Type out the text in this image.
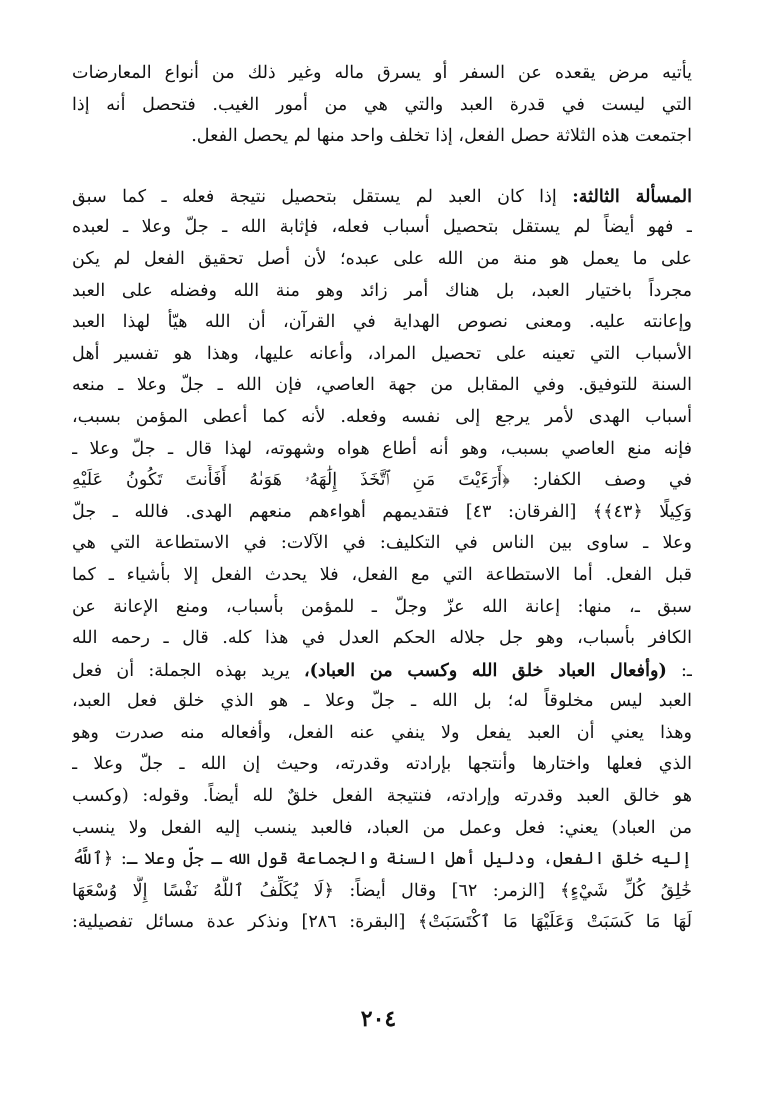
يأتيه مرض يقعده عن السفر أو يسرق ماله وغير ذلك من أنواع المعارضات
التي ليست في قدرة العبد والتي هي من أمور الغيب. فتحصل أنه إذا
اجتمعت هذه الثلاثة حصل الفعل، إذا تخلف واحد منها لم يحصل الفعل.
المسألة الثالثة: إذا كان العبد لم يستقل بتحصيل نتيجة فعله ـ كما سبق
ـ فهو أيضاً لم يستقل بتحصيل أسباب فعله، فإثابة الله ـ جلّ وعلا ـ لعبده
على ما يعمل هو منة من الله على عبده؛ لأن أصل تحقيق الفعل لم يكن
مجرداً باختيار العبد، بل هناك أمر زائد وهو منة الله وفضله على العبد
وإعانته عليه. ومعنى نصوص الهداية في القرآن، أن الله هيّأ لهذا العبد
الأسباب التي تعينه على تحصيل المراد، وأعانه عليها، وهذا هو تفسير أهل
السنة للتوفيق. وفي المقابل من جهة العاصي، فإن الله ـ جلّ وعلا ـ منعه
أسباب الهدى لأمر يرجع إلى نفسه وفعله. لأنه كما أعطى المؤمن بسبب،
فإنه منع العاصي بسبب، وهو أنه أطاع هواه وشهوته، لهذا قال ـ جلّ وعلا ـ
في وصف الكفار: ﴿أَرَءَيْتَ مَنِ ٱتَّخَذَ إِلَٰهَهُۥ هَوَىٰهُ أَفَأَنتَ تَكُونُ عَلَيْهِ
وَكِيلًا ﴿٤٣﴾﴾ [الفرقان: ٤٣] فتقديمهم أهواءهم منعهم الهدى. فالله ـ جلّ
وعلا ـ ساوى بين الناس في التكليف: في الآلات: في الاستطاعة التي هي
قبل الفعل. أما الاستطاعة التي مع الفعل، فلا يحدث الفعل إلا بأشياء ـ كما
سبق ـ، منها: إعانة الله عزّ وجلّ ـ للمؤمن بأسباب، ومنع الإعانة عن
الكافر بأسباب، وهو جل جلاله الحكم العدل في هذا كله. قال ـ رحمه الله
ـ: (وأفعال العباد خلق الله وكسب من العباد)، يريد بهذه الجملة: أن فعل
العبد ليس مخلوقاً له؛ بل الله ـ جلّ وعلا ـ هو الذي خلق فعل العبد،
وهذا يعني أن العبد يفعل ولا ينفي عنه الفعل، وأفعاله منه صدرت وهو
الذي فعلها واختارها وأنتجها بإرادته وقدرته، وحيث إن الله ـ جلّ وعلا ـ
هو خالق العبد وقدرته وإرادته، فنتيجة الفعل خلقٌ لله أيضاً. وقوله: (وكسب
من العباد) يعني: فعل وعمل من العباد، فالعبد ينسب إليه الفعل ولا ينسب
إليه خلق الفعل، ودليل أهل السنة والجماعة قول الله ـ جلّ وعلا ـ: ﴿ٱللَّهُ
خَٰلِقُ كُلِّ شَيْءٍ﴾ [الزمر: ٦٢] وقال أيضاً: ﴿لَا يُكَلِّفُ ٱللَّهُ نَفْسًا إِلَّا وُسْعَهَا
لَهَا مَا كَسَبَتْ وَعَلَيْهَا مَا ٱكْتَسَبَتْ﴾ [البقرة: ٢٨٦] ونذكر عدة مسائل تفصيلية:
٢٠٤
